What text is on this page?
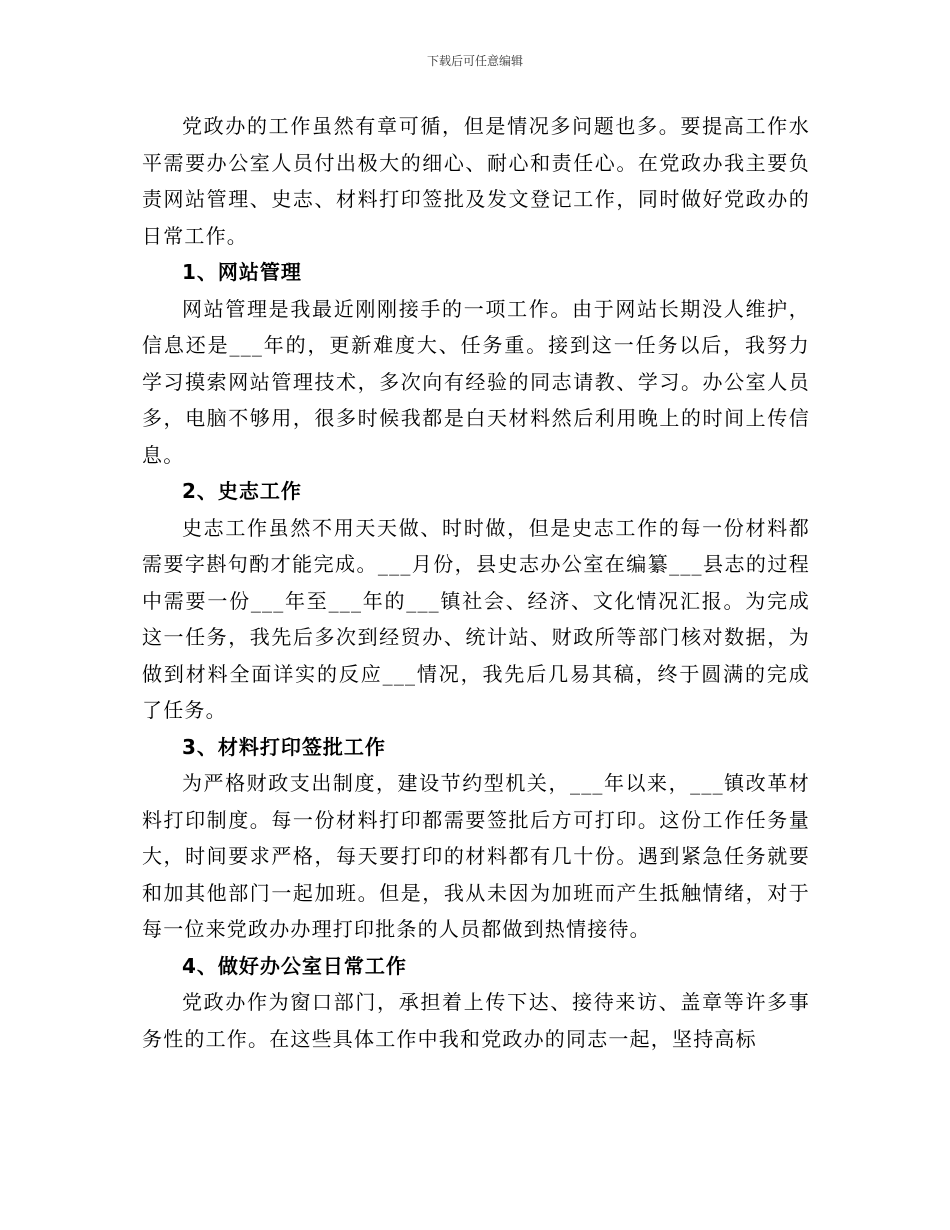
下载后可任意编辑

党政办的工作虽然有章可循，但是情况多问题也多。要提高工作水平需要办公室人员付出极大的细心、耐心和责任心。在党政办我主要负责网站管理、史志、材料打印签批及发文登记工作，同时做好党政办的日常工作。

1、网站管理

网站管理是我最近刚刚接手的一项工作。由于网站长期没人维护，信息还是___年的，更新难度大、任务重。接到这一任务以后，我努力学习摸索网站管理技术，多次向有经验的同志请教、学习。办公室人员多，电脑不够用，很多时候我都是白天材料然后利用晚上的时间上传信息。

2、史志工作

史志工作虽然不用天天做、时时做，但是史志工作的每一份材料都需要字斟句酌才能完成。___月份，县史志办公室在编纂___县志的过程中需要一份___年至___年的___镇社会、经济、文化情况汇报。为完成这一任务，我先后多次到经贸办、统计站、财政所等部门核对数据，为做到材料全面详实的反应___情况，我先后几易其稿，终于圆满的完成了任务。

3、材料打印签批工作

为严格财政支出制度，建设节约型机关，___年以来，___镇改革材料打印制度。每一份材料打印都需要签批后方可打印。这份工作任务量大，时间要求严格，每天要打印的材料都有几十份。遇到紧急任务就要和加其他部门一起加班。但是，我从未因为加班而产生抵触情绪，对于每一位来党政办办理打印批条的人员都做到热情接待。

4、做好办公室日常工作

党政办作为窗口部门，承担着上传下达、接待来访、盖章等许多事务性的工作。在这些具体工作中我和党政办的同志一起，坚持高标
